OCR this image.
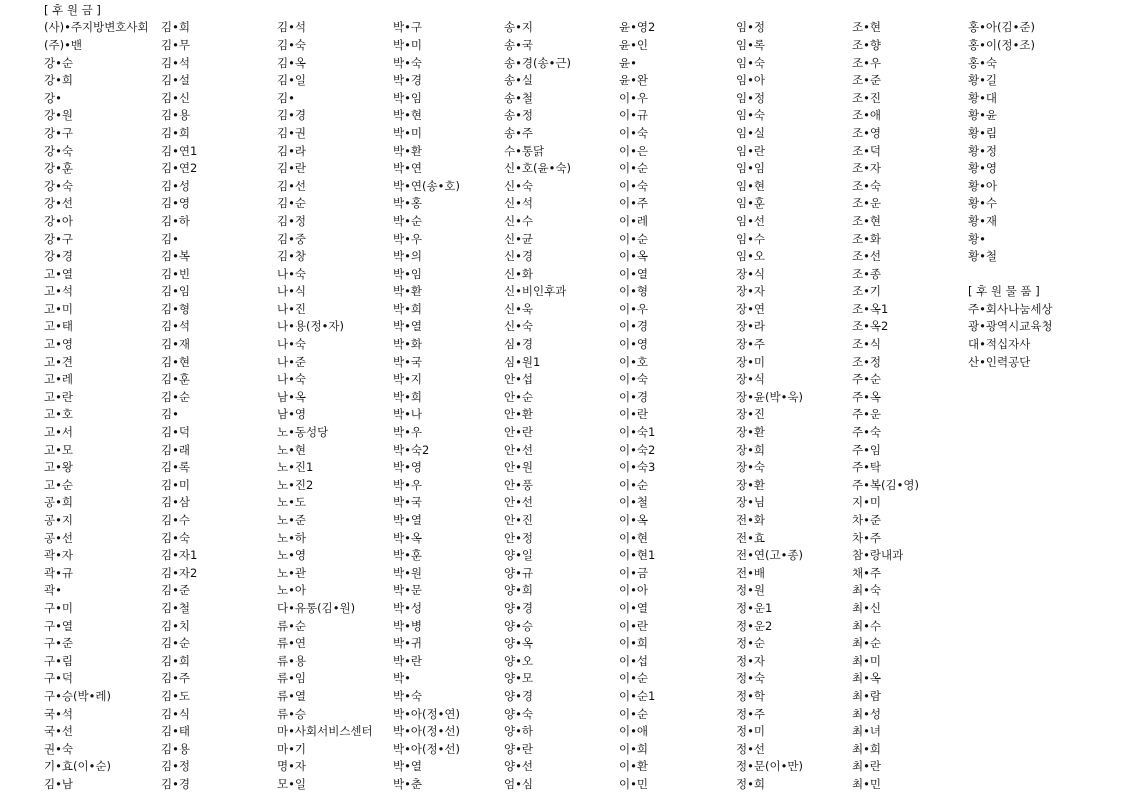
[ 후 원 금 ]
(사)•주지방변호사회
(주)•밴
강•순
강•희
강•
강•원
강•구
강•숙
강•훈
강•숙
강•선
강•아
강•구
강•경
고•열
고•석
고•미
고•태
고•영
고•견
고•레
고•란
고•호
고•서
고•모
고•왕
고•순
공•희
공•지
공•선
곽•자
곽•규
곽•
구•미
구•열
구•준
구•림
구•덕
구•승(박•레)
국•석
국•선
권•숙
기•효(이•순)
김•남
김•희
김•무
김•석
김•설
김•신
김•용
김•희
김•연1
김•연2
김•성
김•영
김•하
김•
김•복
김•빈
김•임
김•형
김•석
김•재
김•현
김•훈
김•순
김•
김•덕
김•래
김•록
김•미
김•삼
김•수
김•숙
김•자1
김•자2
김•준
김•철
김•치
김•순
김•희
김•주
김•도
김•식
김•태
김•용
김•정
김•경
김•석
김•숙
김•옥
김•일
김•
김•경
김•권
김•라
김•란
김•선
김•순
김•정
김•중
김•창
나•숙
나•식
나•진
나•용(정•자)
나•숙
나•준
나•숙
남•옥
남•영
노•동성당
노•현
노•진1
노•진2
노•도
노•준
노•하
노•영
노•관
노•아
다•유통(김•원)
류•순
류•연
류•용
류•임
류•열
류•승
마•사회서비스센터
마•기
명•자
모•일
박•구
박•미
박•숙
박•경
박•임
박•현
박•미
박•환
박•연
박•연(송•호)
박•홍
박•순
박•우
박•의
박•임
박•환
박•희
박•열
박•화
박•국
박•지
박•희
박•나
박•우
박•숙2
박•영
박•우
박•국
박•열
박•옥
박•훈
박•원
박•문
박•성
박•병
박•귀
박•란
박•
박•숙
박•아(정•연)
박•아(정•선)
박•아(정•선)
박•열
박•춘
송•지
송•국
송•경(송•근)
송•실
송•철
송•정
송•주
수•통닭
신•호(윤•숙)
신•숙
신•석
신•수
신•균
신•경
신•화
신•비인후과
신•욱
신•숙
심•경
심•원1
안•섭
안•순
안•환
안•란
안•선
안•원
안•풍
안•선
안•진
안•정
양•일
양•규
양•희
양•경
양•승
양•옥
양•오
양•모
양•경
양•숙
양•하
양•란
양•선
엄•심
윤•영2
윤•인
윤•
윤•완
이•우
이•규
이•숙
이•은
이•순
이•숙
이•주
이•레
이•순
이•옥
이•열
이•형
이•우
이•경
이•영
이•호
이•숙
이•경
이•란
이•숙1
이•숙2
이•숙3
이•순
이•철
이•옥
이•현
이•현1
이•금
이•아
이•열
이•란
이•희
이•섭
이•순
이•순1
이•순
이•애
이•희
이•환
이•민
임•정
임•록
임•숙
임•아
임•정
임•숙
임•실
임•란
임•임
임•현
임•훈
임•선
임•수
임•오
장•식
장•자
장•연
장•라
장•주
장•미
장•식
장•윤(박•욱)
장•진
장•환
장•희
장•숙
장•환
장•님
전•화
전•효
전•연(고•종)
전•배
정•원
정•운1
정•운2
정•순
정•자
정•숙
정•학
정•주
정•미
정•선
정•문(이•만)
정•희
조•현
조•향
조•우
조•준
조•진
조•애
조•영
조•덕
조•자
조•숙
조•운
조•현
조•화
조•선
조•종
조•기
조•옥1
조•옥2
조•식
조•정
주•순
주•옥
주•운
주•숙
주•임
주•탁
주•복(김•영)
지•미
차•준
차•주
참•랑내과
채•주
최•숙
최•신
최•수
최•순
최•미
최•옥
최•람
최•성
최•녀
최•희
최•란
최•민
홍•아(김•준)
홍•이(정•조)
홍•숙
황•길
황•대
황•윤
황•림
황•정
황•영
황•아
황•수
황•재
황•
황•철
[ 후 원 물 품 ]
주•회사나눔세상
광•광역시교육청
대•적십자사
산•인력공단
